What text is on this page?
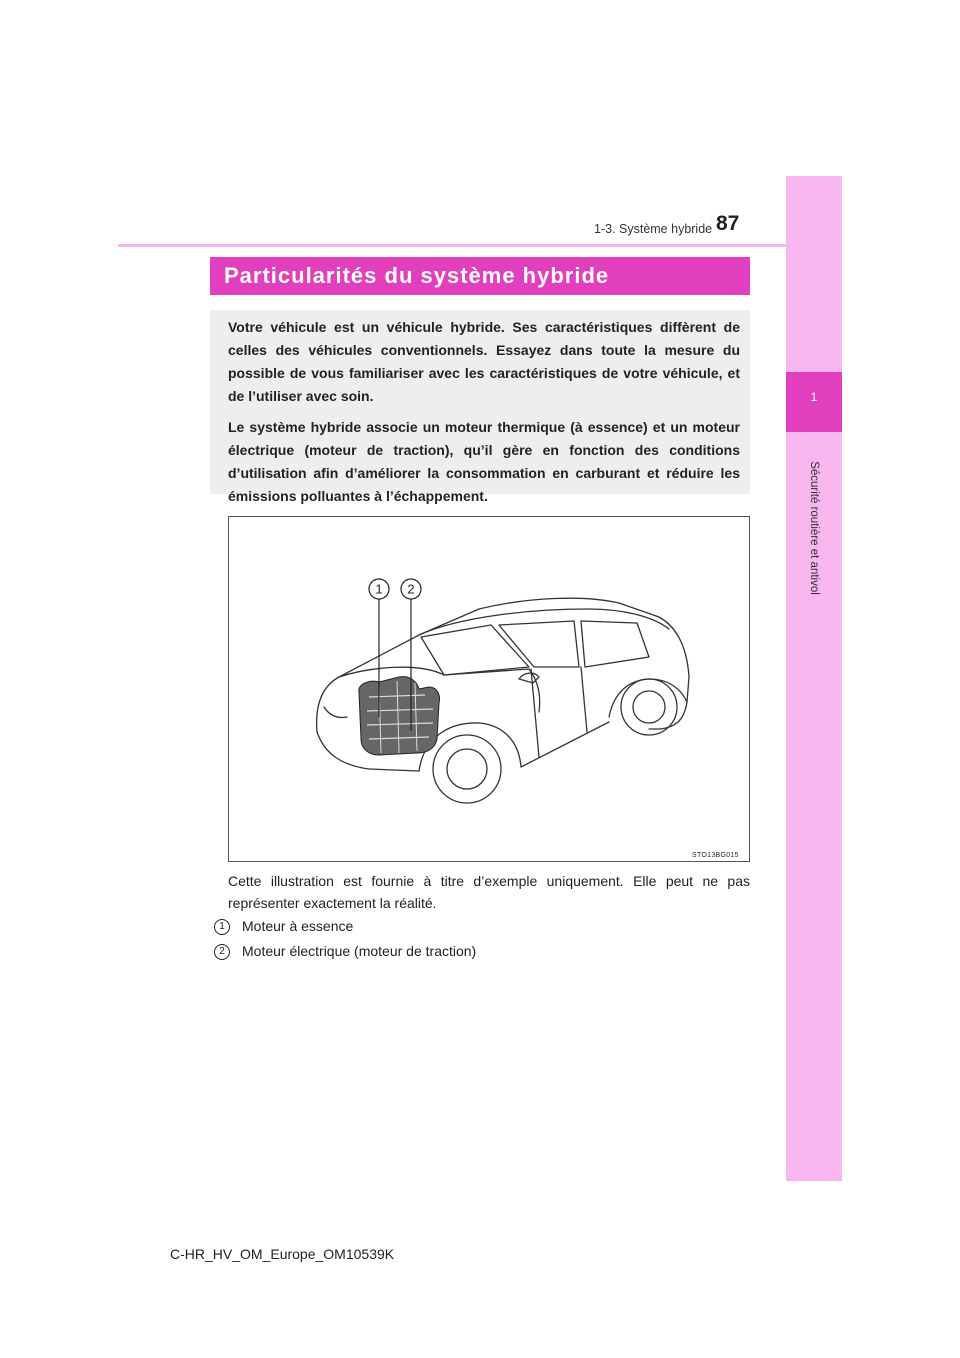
1
Sécurité routière et antivol
1-3. Système hybride 87
Particularités du système hybride

Votre véhicule est un véhicule hybride. Ses caractéristiques diffèrent de celles des véhicules conventionnels. Essayez dans toute la mesure du possible de vous familiariser avec les caractéristiques de votre véhicule, et de l’utiliser avec soin.

Le système hybride associe un moteur thermique (à essence) et un moteur électrique (moteur de traction), qu’il gère en fonction des conditions d’utilisation afin d’améliorer la consommation en carburant et réduire les émissions polluantes à l’échappement.

1 2
STO13BG015
Cette illustration est fournie à titre d’exemple uniquement. Elle peut ne pas représenter exactement la réalité.
1	Moteur à essence
2	Moteur électrique (moteur de traction)
C-HR_HV_OM_Europe_OM10539K
